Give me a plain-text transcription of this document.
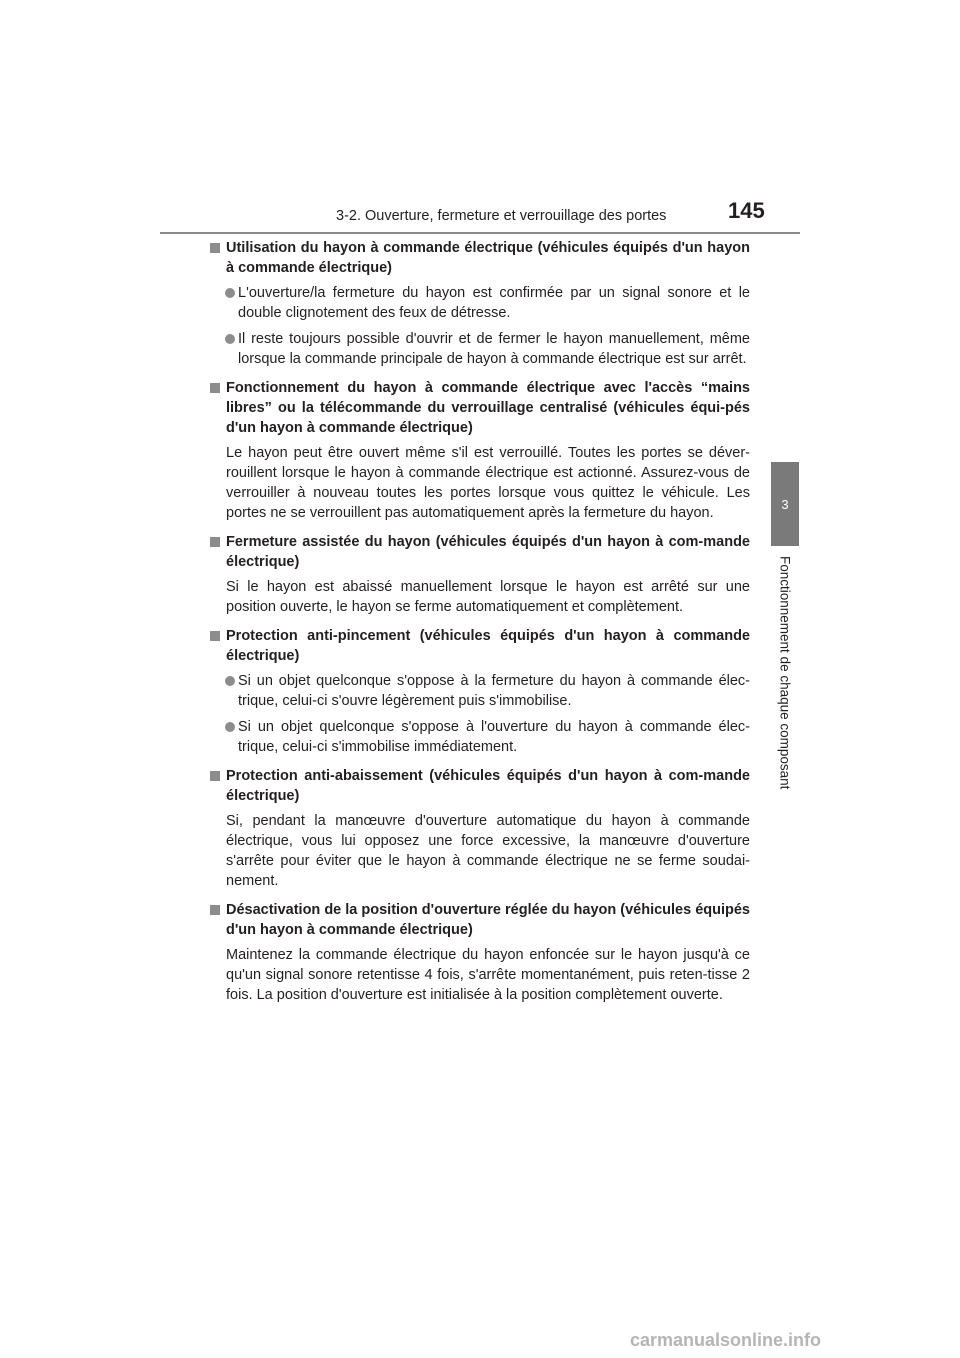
3-2. Ouverture, fermeture et verrouillage des portes	145
3
Fonctionnement de chaque composant
Utilisation du hayon à commande électrique (véhicules équipés d'un hayon à commande électrique)
L'ouverture/la fermeture du hayon est confirmée par un signal sonore et le double clignotement des feux de détresse.
Il reste toujours possible d'ouvrir et de fermer le hayon manuellement, même lorsque la commande principale de hayon à commande électrique est sur arrêt.
Fonctionnement du hayon à commande électrique avec l'accès “mains libres” ou la télécommande du verrouillage centralisé (véhicules équi-pés d'un hayon à commande électrique)
Le hayon peut être ouvert même s'il est verrouillé. Toutes les portes se déver-rouillent lorsque le hayon à commande électrique est actionné. Assurez-vous de verrouiller à nouveau toutes les portes lorsque vous quittez le véhicule. Les portes ne se verrouillent pas automatiquement après la fermeture du hayon.
Fermeture assistée du hayon (véhicules équipés d'un hayon à com-mande électrique)
Si le hayon est abaissé manuellement lorsque le hayon est arrêté sur une position ouverte, le hayon se ferme automatiquement et complètement.
Protection anti-pincement (véhicules équipés d'un hayon à commande électrique)
Si un objet quelconque s'oppose à la fermeture du hayon à commande élec-trique, celui-ci s'ouvre légèrement puis s'immobilise.
Si un objet quelconque s'oppose à l'ouverture du hayon à commande élec-trique, celui-ci s'immobilise immédiatement.
Protection anti-abaissement (véhicules équipés d'un hayon à com-mande électrique)
Si, pendant la manœuvre d'ouverture automatique du hayon à commande électrique, vous lui opposez une force excessive, la manœuvre d'ouverture s'arrête pour éviter que le hayon à commande électrique ne se ferme soudai-nement.
Désactivation de la position d'ouverture réglée du hayon (véhicules équipés d'un hayon à commande électrique)
Maintenez la commande électrique du hayon enfoncée sur le hayon jusqu'à ce qu'un signal sonore retentisse 4 fois, s'arrête momentanément, puis reten-tisse 2 fois. La position d'ouverture est initialisée à la position complètement ouverte.
carmanualsonline.info
